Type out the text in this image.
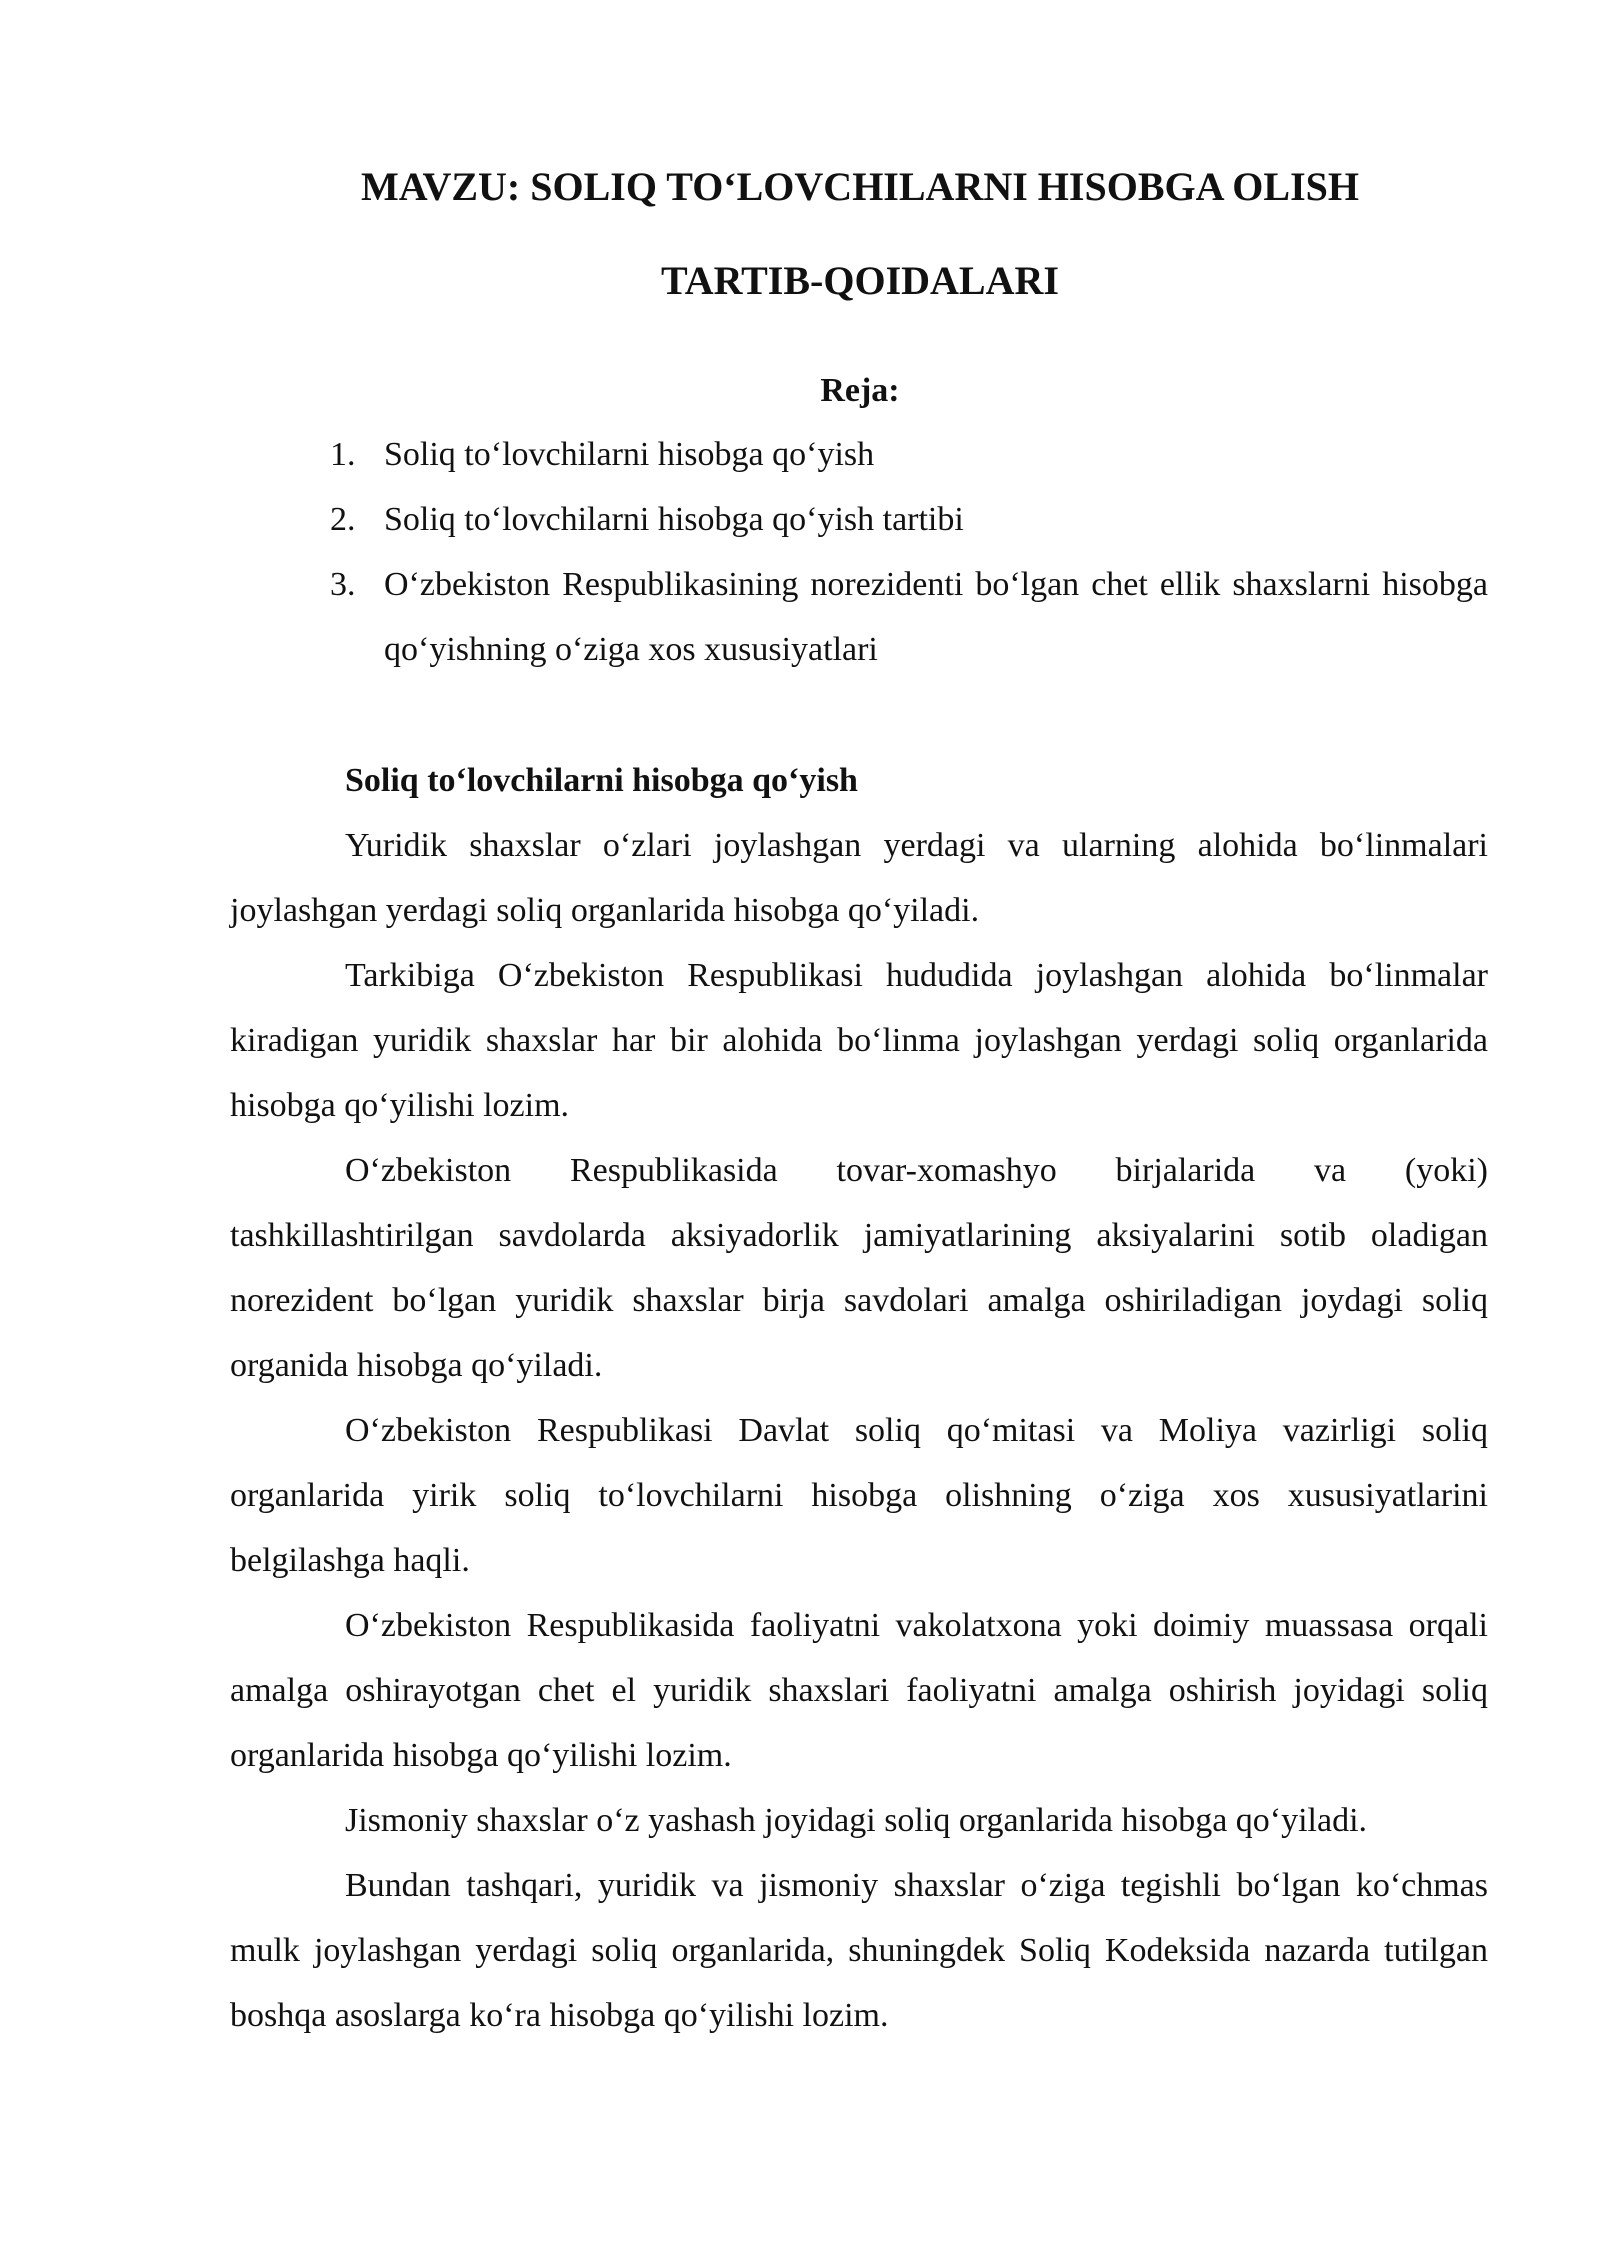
MAVZU: SOLIQ TO‘LOVCHILARNI HISOBGA OLISH
TARTIB-QOIDALARI
Reja:
1. Soliq to‘lovchilarni hisobga qo‘yish
2. Soliq to‘lovchilarni hisobga qo‘yish tartibi
3. O‘zbekiston Respublikasining norezidenti bo‘lgan chet ellik shaxslarni hisobga qo‘yishning o‘ziga xos xususiyatlari
Soliq to‘lovchilarni hisobga qo‘yish

Yuridik shaxslar o‘zlari joylashgan yerdagi va ularning alohida bo‘linmalari joylashgan yerdagi soliq organlarida hisobga qo‘yiladi.

Tarkibiga O‘zbekiston Respublikasi hududida joylashgan alohida bo‘linmalar kiradigan yuridik shaxslar har bir alohida bo‘linma joylashgan yerdagi soliq organlarida hisobga qo‘yilishi lozim.

O‘zbekiston Respublikasida tovar-xomashyo birjalarida va (yoki) tashkillashtirilgan savdolarda aksiyadorlik jamiyatlarining aksiyalarini sotib oladigan norezident bo‘lgan yuridik shaxslar birja savdolari amalga oshiriladigan joydagi soliq organida hisobga qo‘yiladi.

O‘zbekiston Respublikasi Davlat soliq qo‘mitasi va Moliya vazirligi soliq organlarida yirik soliq to‘lovchilarni hisobga olishning o‘ziga xos xususiyatlarini belgilashga haqli.

O‘zbekiston Respublikasida faoliyatni vakolatxona yoki doimiy muassasa orqali amalga oshirayotgan chet el yuridik shaxslari faoliyatni amalga oshirish joyidagi soliq organlarida hisobga qo‘yilishi lozim.

Jismoniy shaxslar o‘z yashash joyidagi soliq organlarida hisobga qo‘yiladi.

Bundan tashqari, yuridik va jismoniy shaxslar o‘ziga tegishli bo‘lgan ko‘chmas mulk joylashgan yerdagi soliq organlarida, shuningdek Soliq Kodeksida nazarda tutilgan boshqa asoslarga ko‘ra hisobga qo‘yilishi lozim.
